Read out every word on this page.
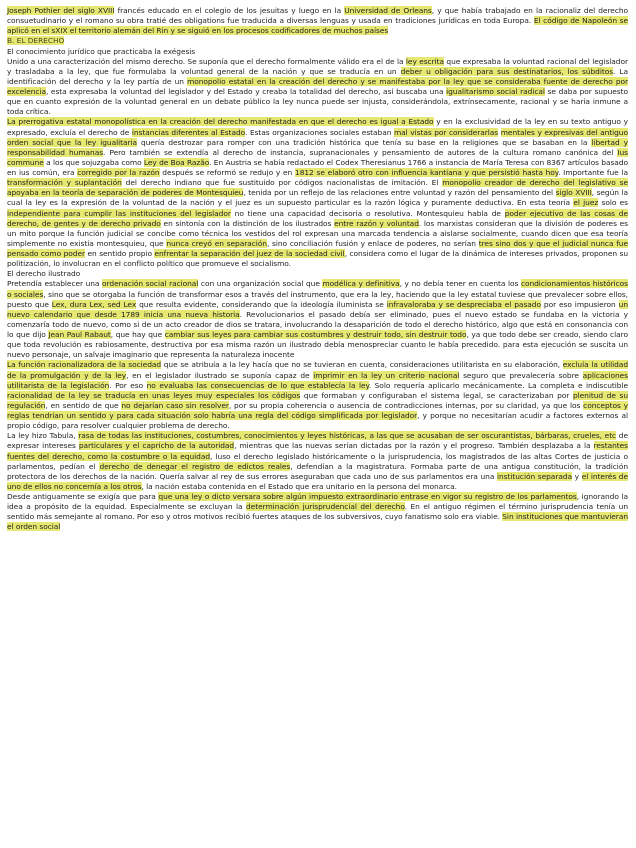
Joseph Pothier del siglo XVIII francés educado en el colegio de los jesuitas y luego en la Universidad de Orleans, y que había trabajado en la racionaliz del derecho consuetudinario y el romano su obra tratié des obligations fue traducida a diversas lenguas y usada en tradiciones jurídicas en toda Europa. El código de Napoleón se aplicó en el sXIX el territorio alemán del Rin y se siguió en los procesos codificadores de muchos países

B. EL DERECHO

El conocimiento jurídico que practicaba la exégesis

Unido a una caracterización del mismo derecho. Se suponía que el derecho formalmente válido era el de la ley escrita que expresaba la voluntad racional del legislador y trasladaba a la ley, que fue formulaba la voluntad general de la nación y que se traducía en un deber u obligación para sus destinatarios, los súbditos. La identificación del derecho y la ley partía de un monopolio estatal en la creación del derecho y se manifestaba por la ley que se consideraba fuente de derecho por excelencia, esta expresaba la voluntad del legislador y del Estado y creaba la totalidad del derecho, así buscaba una igualitarismo social radical se daba por supuesto que en cuanto expresión de la voluntad general en un debate público la ley nunca puede ser injusta, considerándola, extrínsecamente, racional y se haría inmune a toda crítica.

La prerrogativa estatal monopolística en la creación del derecho manifestada en que el derecho es igual a Estado y en la exclusividad de la ley en su texto antiguo y expresado, excluía el derecho de instancias diferentes al Estado. Estas organizaciones sociales estaban mal vistas por considerarlas mentales y expresivas del antiguo orden social que la ley igualitaria quería destrozar para romper con una tradición histórica que tenía su base en la religiones que se basaban en la libertad y responsabilidad humanas. Pero también se extendía al derecho de instancia, supranacionales y pensamiento de autores de la cultura romano canónica del Ius commune a los que sojuzgaba como Ley de Boa Razão. En Austria se había redactado el Codex Theresianus 1766 a instancia de María Teresa con 8367 artículos basado en ius común, era corregido por la razón después se reformó se redujo y en 1812 se elaboró otro con influencia kantiana y que persistió hasta hoy. Importante fue la transformación y suplantación del derecho indiano que fue sustituido por códigos nacionalistas de imitación. El monopolio creador de derecho del legislativo se apoyaba en la teoría de separación de poderes de Montesquieu, tenida por un reflejo de las relaciones entre voluntad y razón del pensamiento del siglo XVIII, según la cual la ley es la expresión de la voluntad de la nación y el juez es un supuesto particular es la razón lógica y puramente deductiva. En esta teoría el juez solo es independiente para cumplir las instituciones del legislador no tiene una capacidad decisoria o resolutiva. Montesquieu habla de poder ejecutivo de las cosas de derecho, de gentes y de derecho privado en sintonía con la distinción de los ilustrados entre razón y voluntad. los marxistas consideran que la división de poderes es un mito porque la función judicial se concibe como técnica los vestidos del rol expresan una marcada tendencia a aislarse socialmente, cuando dicen que esa teoría simplemente no existía montesquieu, que nunca creyó en separación, sino conciliación fusión y enlace de poderes, no serían tres sino dos y que el judicial nunca fue pensado como poder en sentido propio enfrentar la separación del juez de la sociedad civil, considera como el lugar de la dinámica de intereses privados, proponen su politización, lo involucran en el conflicto político que promueve el socialismo.

El derecho ilustrado

Pretendía establecer una ordenación social racional con una organización social que modélica y definitiva, y no debía tener en cuenta los condicionamientos históricos o sociales, sino que se otorgaba la función de transformar esos a través del instrumento, que era la ley, haciendo que la ley estatal tuviese que prevalecer sobre ellos, puesto que Lex, dura Lex, sed Lex que resulta evidente, considerando que la ideología iluminista se infravaloraba y se despreciaba el pasado por eso impusieron un nuevo calendario que desde 1789 inicia una nueva historia. Revolucionarios el pasado debía ser eliminado, pues el nuevo estado se fundaba en la victoria y comenzaría todo de nuevo, como si de un acto creador de dios se tratara, involucrando la desaparición de todo el derecho histórico, algo que está en consonancia con lo que dijo Jean Paul Rabaut, que hay que cambiar sus leyes para cambiar sus costumbres y destruir todo, sin destruir todo, ya que todo debe ser creado, siendo claro que toda revolución es rabiosamente, destructiva por esa misma razón un ilustrado debía menospreciar cuanto le había precedido. para esta ejecución se suscita un nuevo personaje, un salvaje imaginario que representa la naturaleza inocente

La función racionalizadora de la sociedad que se atribuía a la ley hacía que no se tuvieran en cuenta, consideraciones utilitarista en su elaboración, excluía la utilidad de la promulgación y de la ley, en el legislador ilustrado se suponía capaz de imprimir en la ley un criterio nacional seguro que prevalecería sobre aplicaciones utilitarista de la legislación. Por eso no evaluaba las consecuencias de lo que establecía la ley. Solo requería aplicarlo mecánicamente. La completa e indiscutible racionalidad de la ley se traducía en unas leyes muy especiales los códigos que formaban y configuraban el sistema legal, se caracterizaban por plenitud de su regulación, en sentido de que no dejarían caso sin resolver, por su propia coherencia o ausencia de contradicciones internas, por su claridad, ya que los conceptos y reglas tendrían un sentido y para cada situación solo habría una regla del código simplificada por legislador, y porque no necesitarían acudir a factores externos al propio código, para resolver cualquier problema de derecho.

La ley hizo Tabula, rasa de todas las instituciones, costumbres, conocimientos y leyes históricas, a las que se acusaban de ser oscurantistas, bárbaras, crueles, etc de expresar intereses particulares y el capricho de la autoridad, mientras que las nuevas serían dictadas por la razón y el progreso. También desplazaba a la restantes fuentes del derecho, como la costumbre o la equidad, luso el derecho legislado históricamente o la jurisprudencia, los magistrados de las altas Cortes de justicia o parlamentos, pedían el derecho de denegar el registro de edictos reales, defendían a la magistratura. Formaba parte de una antigua constitución, la tradición protectora de los derechos de la nación. Quería salvar al rey de sus errores aseguraban que cada uno de sus parlamentos era una institución separada y el interés de uno de ellos no concernía a los otros, la nación estaba contenida en el Estado que era unitario en la persona del monarca.

Desde antiguamente se exigía que para que una ley o dicto versara sobre algún impuesto extraordinario entrase en vigor su registro de los parlamentos, ignorando la idea a propósito de la equidad. Especialmente se excluyan la determinación jurisprudencial del derecho. En el antiguo régimen el término jurisprudencia tenía un sentido más semejante al romano. Por eso y otros motivos recibió fuertes ataques de los subversivos, cuyo fanatismo solo era viable. Sin instituciones que mantuvieran el orden social
